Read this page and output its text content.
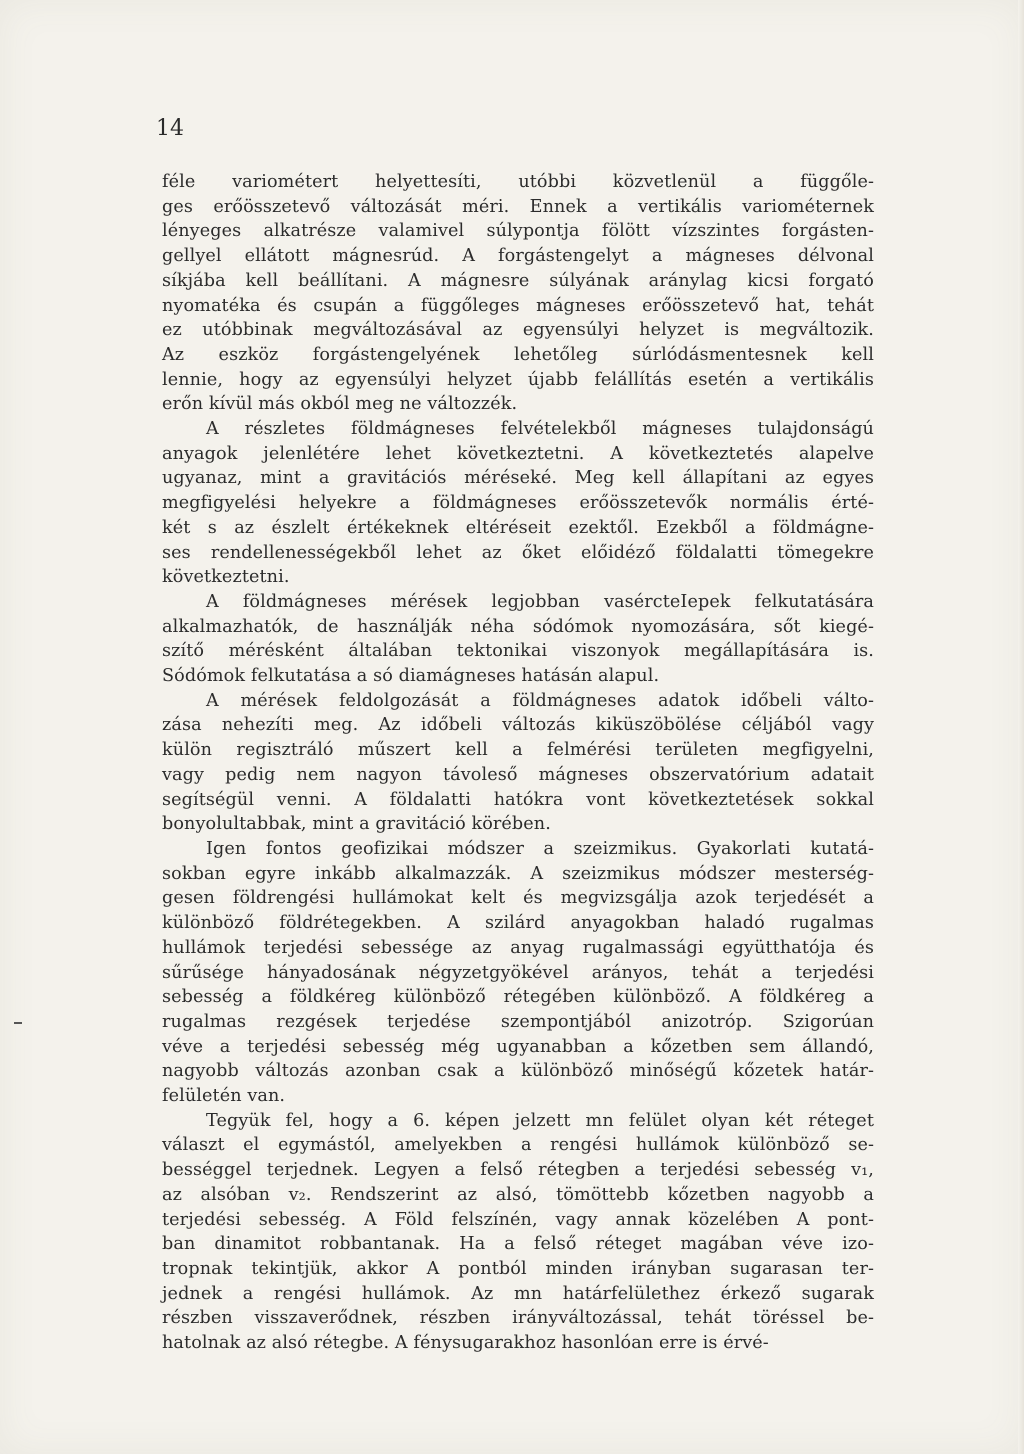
14

féle variométert helyettesíti, utóbbi közvetlenül a függőle-
ges erőösszetevő változását méri. Ennek a vertikális variométernek
lényeges alkatrésze valamivel súlypontja fölött vízszintes forgásten-
gellyel ellátott mágnesrúd. A forgástengelyt a mágneses délvonal
síkjába kell beállítani. A mágnesre súlyának aránylag kicsi forgató
nyomatéka és csupán a függőleges mágneses erőösszetevő hat, tehát
ez utóbbinak megváltozásával az egyensúlyi helyzet is megváltozik.
Az eszköz forgástengelyének lehetőleg súrlódásmentesnek kell
lennie, hogy az egyensúlyi helyzet újabb felállítás esetén a vertikális
erőn kívül más okból meg ne változzék.

A részletes földmágneses felvételekből mágneses tulajdonságú
anyagok jelenlétére lehet következtetni. A következtetés alapelve
ugyanaz, mint a gravitációs méréseké. Meg kell állapítani az egyes
megfigyelési helyekre a földmágneses erőösszetevők normális érté-
két s az észlelt értékeknek eltéréseit ezektől. Ezekből a földmágne-
ses rendellenességekből lehet az őket előidéző földalatti tömegekre
következtetni.

A földmágneses mérések legjobban vasércteIepek felkutatására
alkalmazhatók, de használják néha sódómok nyomozására, sőt kiegé-
szítő mérésként általában tektonikai viszonyok megállapítására is.
Sódómok felkutatása a só diamágneses hatásán alapul.

A mérések feldolgozását a földmágneses adatok időbeli válto-
zása nehezíti meg. Az időbeli változás kiküszöbölése céljából vagy
külön regisztráló műszert kell a felmérési területen megfigyelni,
vagy pedig nem nagyon távoleső mágneses obszervatórium adatait
segítségül venni. A földalatti hatókra vont következtetések sokkal
bonyolultabbak, mint a gravitáció körében.

Igen fontos geofizikai módszer a szeizmikus. Gyakorlati kutatá-
sokban egyre inkább alkalmazzák. A szeizmikus módszer mesterség-
gesen földrengési hullámokat kelt és megvizsgálja azok terjedését a
különböző földrétegekben. A szilárd anyagokban haladó rugalmas
hullámok terjedési sebessége az anyag rugalmassági együtthatója és
sűrűsége hányadosának négyzetgyökével arányos, tehát a terjedési
sebesség a földkéreg különböző rétegében különböző. A földkéreg a
rugalmas rezgések terjedése szempontjából anizotróp. Szigorúan
véve a terjedési sebesség még ugyanabban a kőzetben sem állandó,
nagyobb változás azonban csak a különböző minőségű kőzetek határ-
felületén van.

Tegyük fel, hogy a 6. képen jelzett mn felület olyan két réteget
választ el egymástól, amelyekben a rengési hullámok különböző se-
bességgel terjednek. Legyen a felső rétegben a terjedési sebesség v₁,
az alsóban v₂. Rendszerint az alsó, tömöttebb kőzetben nagyobb a
terjedési sebesség. A Föld felszínén, vagy annak közelében A pont-
ban dinamitot robbantanak. Ha a felső réteget magában véve izo-
tropnak tekintjük, akkor A pontból minden irányban sugarasan ter-
jednek a rengési hullámok. Az mn határfelülethez érkező sugarak
részben visszaverődnek, részben irányváltozással, tehát töréssel be-
hatolnak az alsó rétegbe. A fénysugarakhoz hasonlóan erre is érvé-
